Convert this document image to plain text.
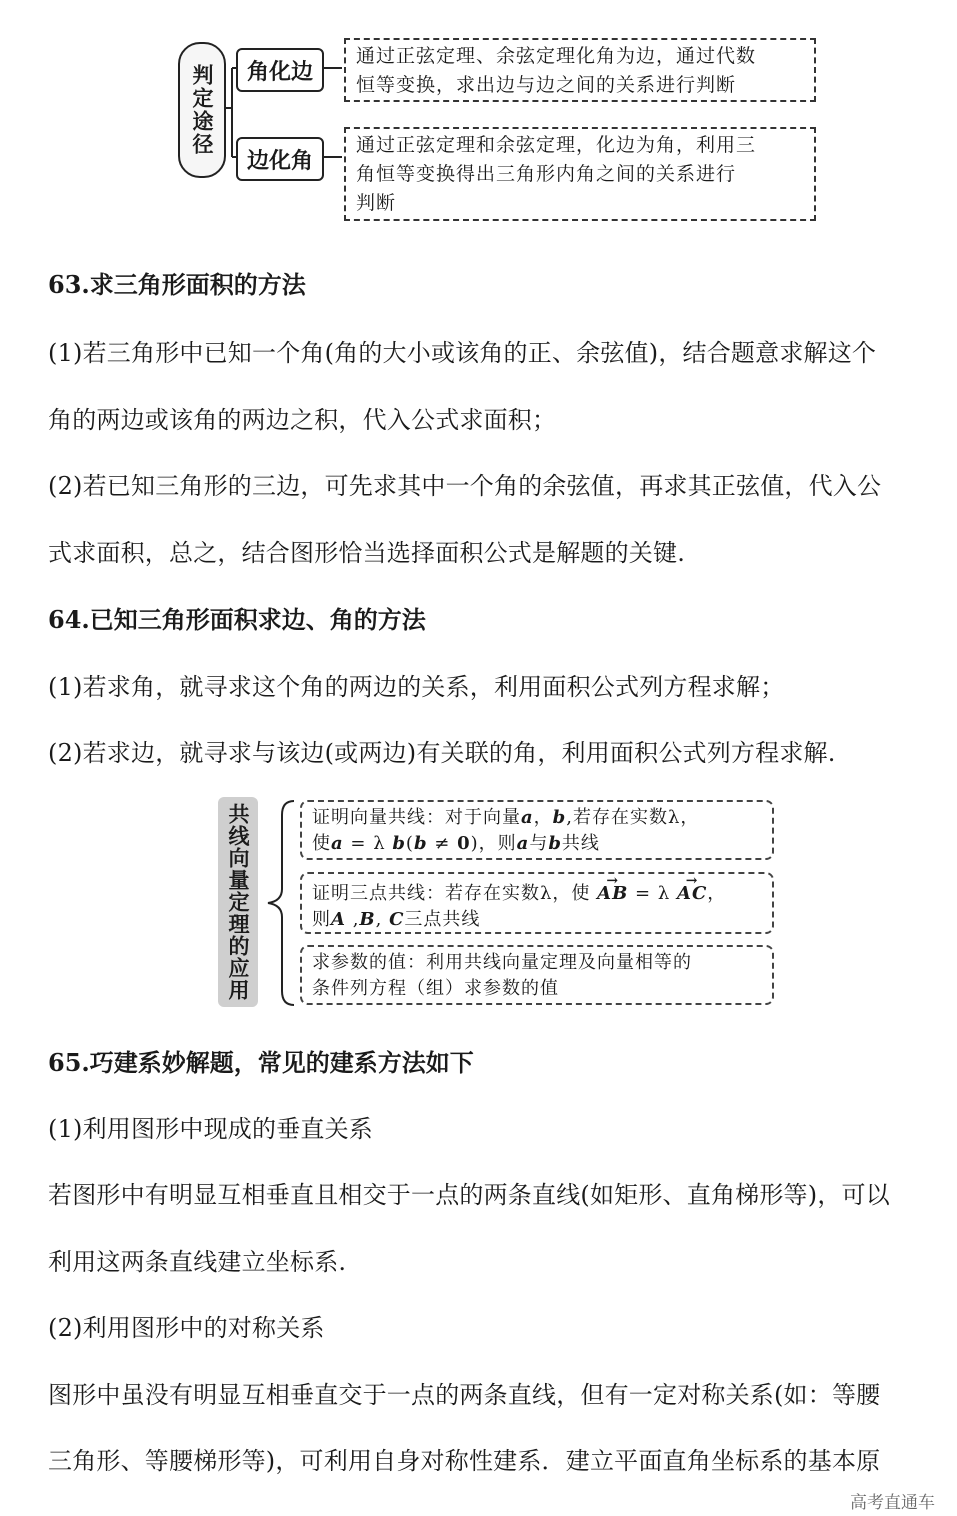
判定途径	角化边
边化角
通过正弦定理、余弦定理化角为边，通过代数
恒等变换，求出边与边之间的关系进行判断
通过正弦定理和余弦定理，化边为角，利用三
角恒等变换得出三角形内角之间的关系进行
判断
63.求三角形面积的方法
(1)若三角形中已知一个角(角的大小或该角的正、余弦值)，结合题意求解这个
角的两边或该角的两边之积，代入公式求面积；
(2)若已知三角形的三边，可先求其中一个角的余弦值，再求其正弦值，代入公
式求面积，总之，结合图形恰当选择面积公式是解题的关键.
64.已知三角形面积求边、角的方法
(1)若求角，就寻求这个角的两边的关系，利用面积公式列方程求解；
(2)若求边，就寻求与该边(或两边)有关联的角，利用面积公式列方程求解.
共线向量定理的应用	证明向量共线：对于向量a，b,若存在实数λ，
使a = λ b(b ≠ 0)，则a与b共线
证明三点共线：若存在实数λ，使 → AB = λ → AC，
则A ,B, C三点共线
求参数的值：利用共线向量定理及向量相等的
条件列方程（组）求参数的值
65.巧建系妙解题，常见的建系方法如下
(1)利用图形中现成的垂直关系
若图形中有明显互相垂直且相交于一点的两条直线(如矩形、直角梯形等)，可以
利用这两条直线建立坐标系.
(2)利用图形中的对称关系
图形中虽没有明显互相垂直交于一点的两条直线，但有一定对称关系(如：等腰
三角形、等腰梯形等)，可利用自身对称性建系．建立平面直角坐标系的基本原
高考直通车
